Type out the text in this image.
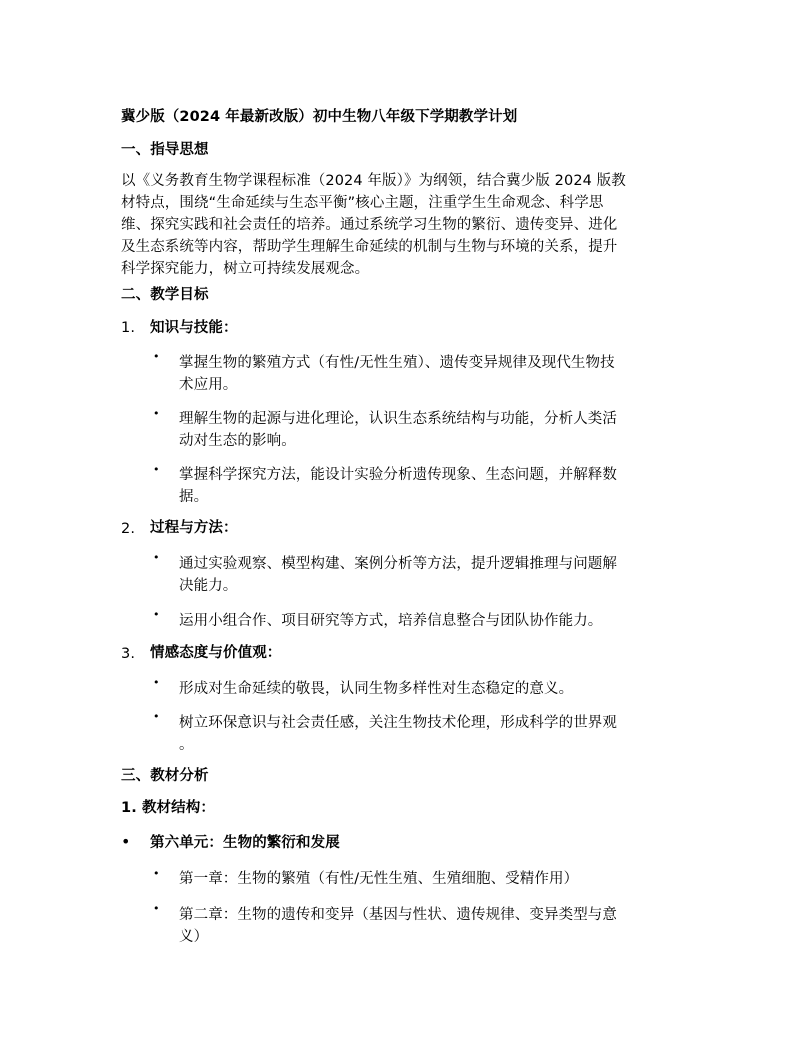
冀少版（2024 年最新改版）初中生物八年级下学期教学计划
一、指导思想
以《义务教育生物学课程标准（2024 年版）》为纲领，结合冀少版 2024 版教
材特点，围绕“生命延续与生态平衡”核心主题，注重学生生命观念、科学思
维、探究实践和社会责任的培养。通过系统学习生物的繁衍、遗传变异、进化
及生态系统等内容，帮助学生理解生命延续的机制与生物与环境的关系，提升
科学探究能力，树立可持续发展观念。
二、教学目标
1. 知识与技能：
• 掌握生物的繁殖方式（有性/无性生殖）、遗传变异规律及现代生物技
术应用。
• 理解生物的起源与进化理论，认识生态系统结构与功能，分析人类活
动对生态的影响。
• 掌握科学探究方法，能设计实验分析遗传现象、生态问题，并解释数
据。
2. 过程与方法：
• 通过实验观察、模型构建、案例分析等方法，提升逻辑推理与问题解
决能力。
• 运用小组合作、项目研究等方式，培养信息整合与团队协作能力。
3. 情感态度与价值观：
• 形成对生命延续的敬畏，认同生物多样性对生态稳定的意义。
• 树立环保意识与社会责任感，关注生物技术伦理，形成科学的世界观
。
三、教材分析
1. 教材结构：
• 第六单元：生物的繁衍和发展
• 第一章：生物的繁殖（有性/无性生殖、生殖细胞、受精作用）
• 第二章：生物的遗传和变异（基因与性状、遗传规律、变异类型与意
义）
